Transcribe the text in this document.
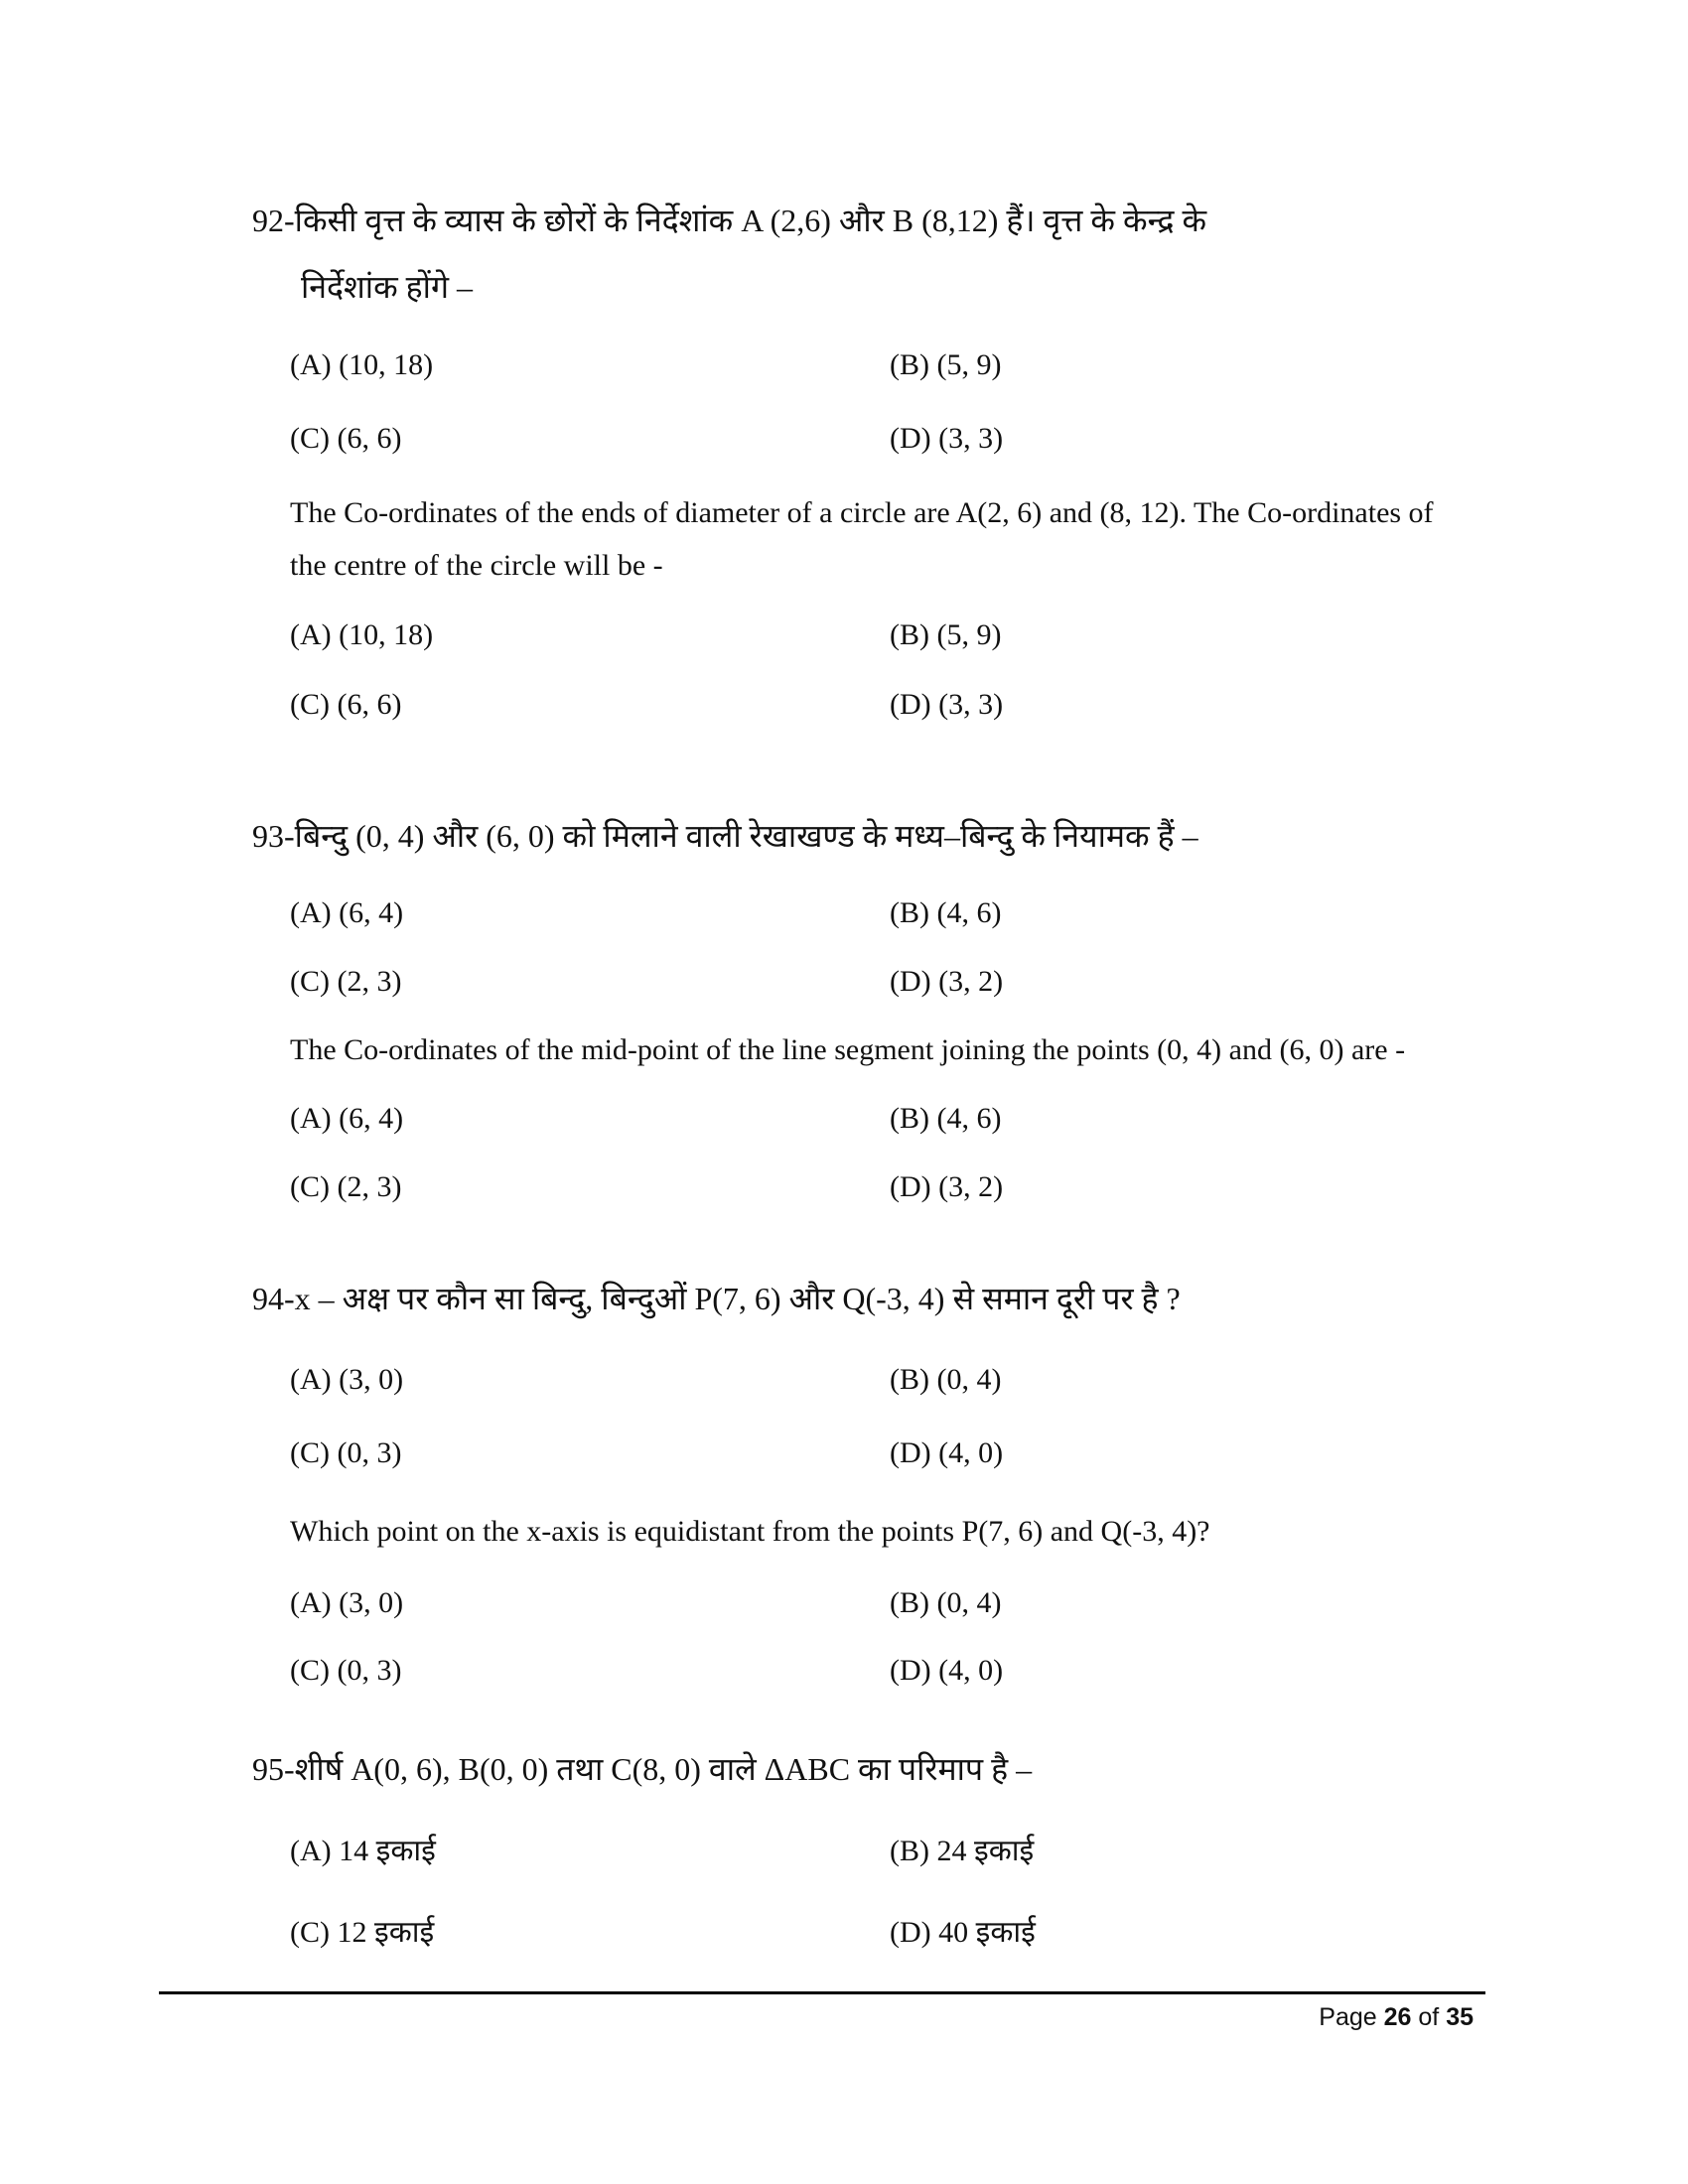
92-किसी वृत्त के व्यास के छोरों के निर्देशांक A (2,6) और B (8,12) हैं। वृत्त के केन्द्र के
निर्देशांक होंगे –
(A) (10, 18)	(B) (5, 9)
(C) (6, 6)	(D) (3, 3)
The Co-ordinates of the ends of diameter of a circle are A(2, 6) and (8, 12). The Co-ordinates of
the centre of the circle will be -
(A) (10, 18)	(B) (5, 9)
(C) (6, 6)	(D) (3, 3)
93-बिन्दु (0, 4) और (6, 0) को मिलाने वाली रेखाखण्ड के मध्य–बिन्दु के नियामक हैं –
(A) (6, 4)	(B) (4, 6)
(C) (2, 3)	(D) (3, 2)
The Co-ordinates of the mid-point of the line segment joining the points (0, 4) and (6, 0) are -
(A) (6, 4)	(B) (4, 6)
(C) (2, 3)	(D) (3, 2)
94-x – अक्ष पर कौन सा बिन्दु, बिन्दुओं P(7, 6) और Q(-3, 4) से समान दूरी पर है ?
(A) (3, 0)	(B) (0, 4)
(C) (0, 3)	(D) (4, 0)
Which point on the x-axis is equidistant from the points P(7, 6) and Q(-3, 4)?
(A) (3, 0)	(B) (0, 4)
(C) (0, 3)	(D) (4, 0)
95-शीर्ष A(0, 6), B(0, 0) तथा C(8, 0) वाले ΔABC का परिमाप है –
(A) 14 इकाई	(B) 24 इकाई
(C) 12 इकाई	(D) 40 इकाई
Page 26 of 35
